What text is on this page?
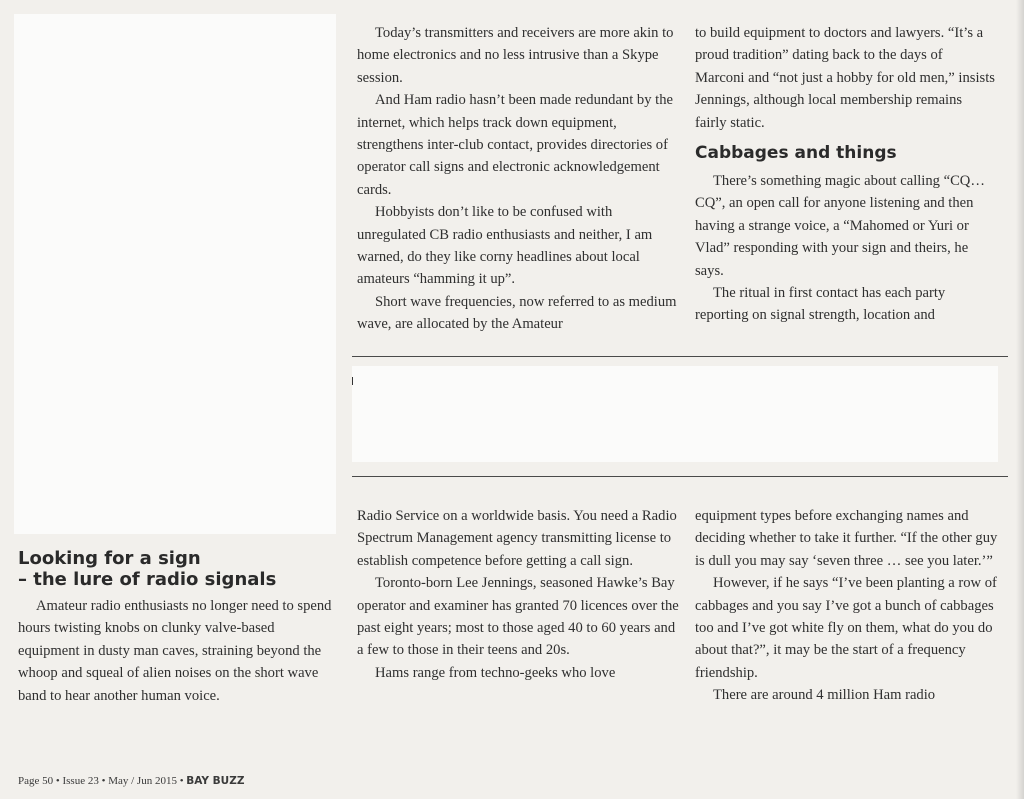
Today’s transmitters and receivers are more akin to home electronics and no less intrusive than a Skype session.

And Ham radio hasn’t been made redundant by the internet, which helps track down equipment, strengthens inter-club contact, provides directories of operator call signs and electronic acknowledgement cards.

Hobbyists don’t like to be confused with unregulated CB radio enthusiasts and neither, I am warned, do they like corny headlines about local amateurs “hamming it up”.

Short wave frequencies, now referred to as medium wave, are allocated by the Amateur

to build equipment to doctors and lawyers. “It’s a proud tradition” dating back to the days of Marconi and “not just a hobby for old men,” insists Jennings, although local membership remains fairly static.

Cabbages and things

There’s something magic about calling “CQ…CQ”, an open call for anyone listening and then having a strange voice, a “Mahomed or Yuri or Vlad” responding with your sign and theirs, he says.

The ritual in first contact has each party reporting on signal strength, location and

Looking for a sign
– the lure of radio signals

Amateur radio enthusiasts no longer need to spend hours twisting knobs on clunky valve-based equipment in dusty man caves, straining beyond the whoop and squeal of alien noises on the short wave band to hear another human voice.

Radio Service on a worldwide basis. You need a Radio Spectrum Management agency transmitting license to establish competence before getting a call sign.

Toronto-born Lee Jennings, seasoned Hawke’s Bay operator and examiner has granted 70 licences over the past eight years; most to those aged 40 to 60 years and a few to those in their teens and 20s.

Hams range from techno-geeks who love

equipment types before exchanging names and deciding whether to take it further. “If the other guy is dull you may say ‘seven three … see you later.’”

However, if he says “I’ve been planting a row of cabbages and you say I’ve got a bunch of cabbages too and I’ve got white fly on them, what do you do about that?”, it may be the start of a frequency friendship.

There are around 4 million Ham radio

Page 50 • Issue 23 • May / Jun 2015 • BAY BUZZ
